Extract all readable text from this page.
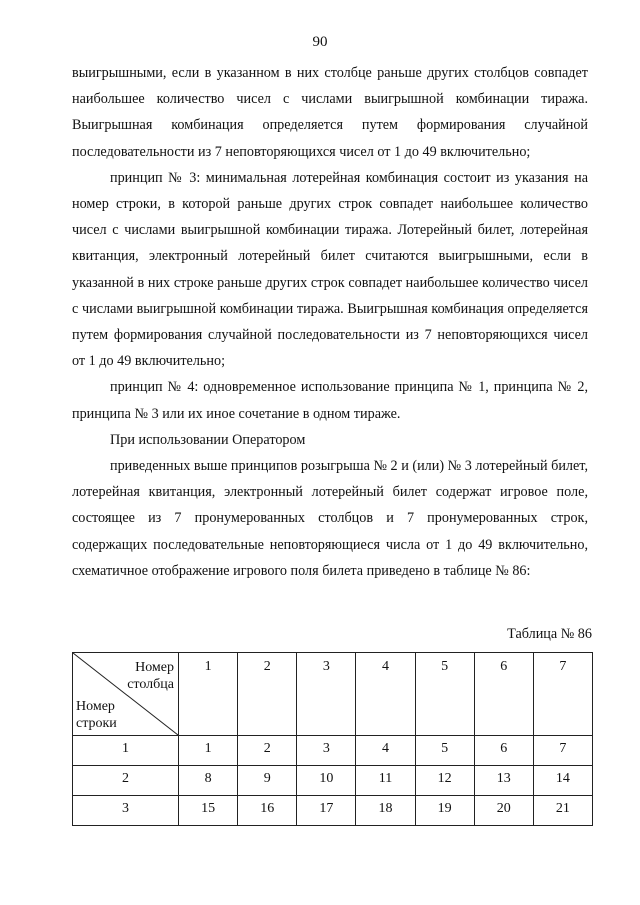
90

выигрышными, если в указанном в них столбце раньше других столбцов совпадет наибольшее количество чисел с числами выигрышной комбинации тиража. Выигрышная комбинация определяется путем формирования случайной последовательности из 7 неповторяющихся чисел от 1 до 49 включительно;

принцип № 3: минимальная лотерейная комбинация состоит из указания на номер строки, в которой раньше других строк совпадет наибольшее количество чисел с числами выигрышной комбинации тиража. Лотерейный билет, лотерейная квитанция, электронный лотерейный билет считаются выигрышными, если в указанной в них строке раньше других строк совпадет наибольшее количество чисел с числами выигрышной комбинации тиража. Выигрышная комбинация определяется путем формирования случайной последовательности из 7 неповторяющихся чисел от 1 до 49 включительно;

принцип № 4: одновременное использование принципа № 1, принципа № 2, принципа № 3 или их иное сочетание в одном тираже.

При использовании Оператором

приведенных выше принципов розыгрыша № 2 и (или) № 3 лотерейный билет, лотерейная квитанция, электронный лотерейный билет содержат игровое поле, состоящее из 7 пронумерованных столбцов и 7 пронумерованных строк, содержащих последовательные неповторяющиеся числа от 1 до 49 включительно, схематичное отображение игрового поля билета приведено в таблице № 86:

Таблица № 86
Номер
столбца
Номер
строки	1	2	3	4	5	6	7
1	1	2	3	4	5	6	7
2	8	9	10	11	12	13	14
3	15	16	17	18	19	20	21
